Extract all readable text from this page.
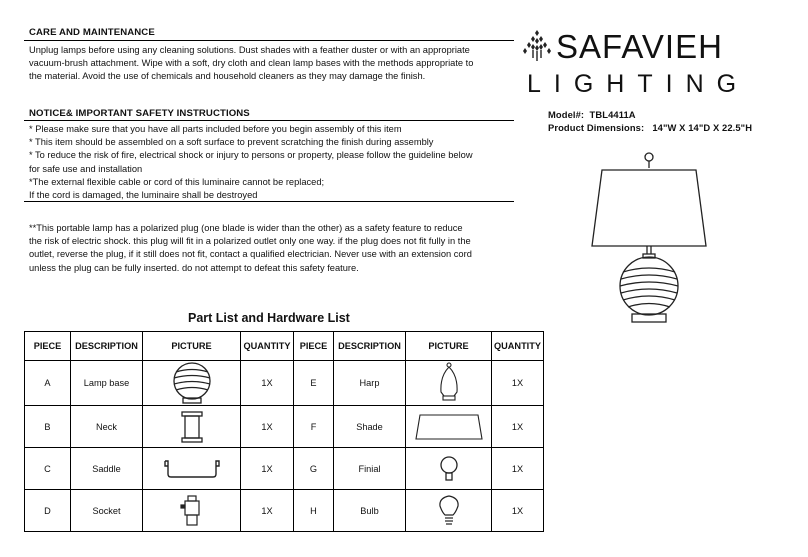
CARE AND MAINTENANCE

Unplug lamps before using any cleaning solutions. Dust shades with a feather duster or with an appropriate

vacuum-brush attachment. Wipe with a soft, dry cloth and clean lamp bases with the methods appropriate to

the material. Avoid the use of chemicals and household cleaners as they may damage the finish.

NOTICE& IMPORTANT SAFETY INSTRUCTIONS

* Please make sure that you have all parts included before you begin assembly of this item

* This item should be assembled on a soft surface to prevent scratching the finish during assembly

* To reduce the risk of fire, electrical shock or injury to persons or property, please follow the guideline below

for safe use and installation

*The external flexible cable or cord of this luminaire cannot be replaced;

If the cord is damaged, the luminaire shall be destroyed

**This portable lamp has a polarized plug (one blade is wider than the other) as a safety feature to reduce

the risk of electric shock. this plug will fit in a polarized outlet only one way. if the plug does not fit fully in the

outlet, reverse the plug, if it still does not fit, contact a qualified electrician. Never use with an extension cord

unless the plug can be fully inserted. do not attempt to defeat this safety feature.

SAFAVIEH
LIGHTING
Model#: TBL4411A
Product Dimensions: 14"W X 14"D X 22.5"H
Part List and Hardware List
PIECE	DESCRIPTION	PICTURE	QUANTITY	PIECE	DESCRIPTION	PICTURE	QUANTITY
A	Lamp base		1X	E	Harp		1X
B	Neck		1X	F	Shade		1X
C	Saddle		1X	G	Finial		1X
D	Socket		1X	H	Bulb		1X
